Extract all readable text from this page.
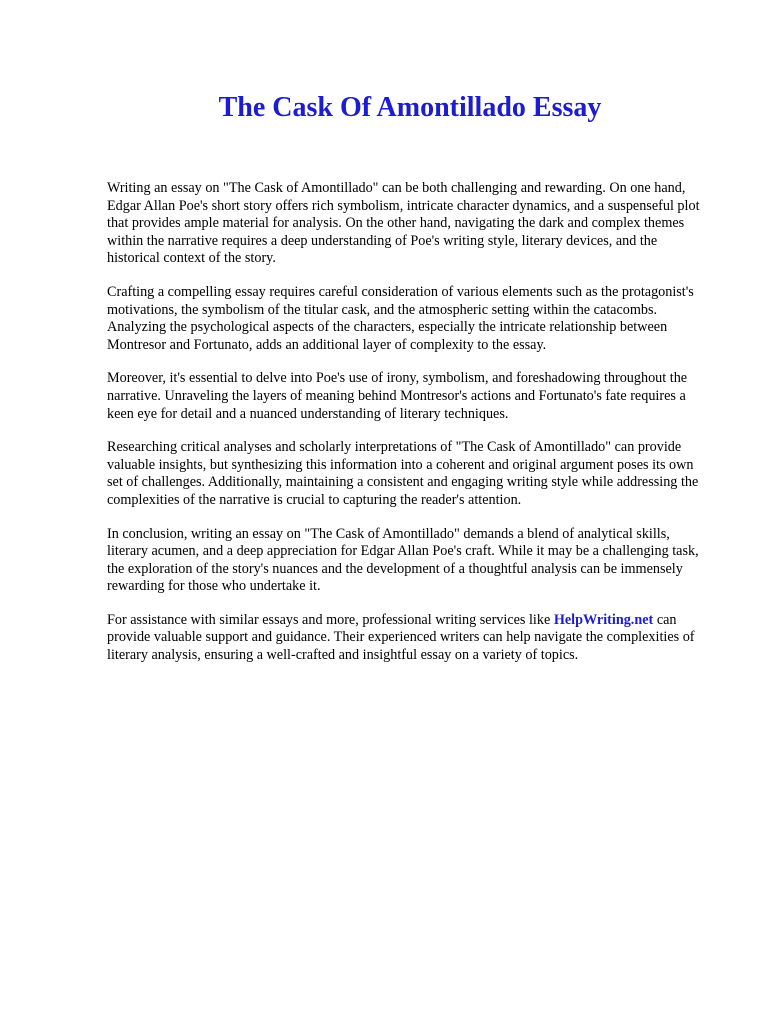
The Cask Of Amontillado Essay

Writing an essay on "The Cask of Amontillado" can be both challenging and rewarding. On one hand, Edgar Allan Poe's short story offers rich symbolism, intricate character dynamics, and a suspenseful plot that provides ample material for analysis. On the other hand, navigating the dark and complex themes within the narrative requires a deep understanding of Poe's writing style, literary devices, and the historical context of the story.

Crafting a compelling essay requires careful consideration of various elements such as the protagonist's motivations, the symbolism of the titular cask, and the atmospheric setting within the catacombs. Analyzing the psychological aspects of the characters, especially the intricate relationship between Montresor and Fortunato, adds an additional layer of complexity to the essay.

Moreover, it's essential to delve into Poe's use of irony, symbolism, and foreshadowing throughout the narrative. Unraveling the layers of meaning behind Montresor's actions and Fortunato's fate requires a keen eye for detail and a nuanced understanding of literary techniques.

Researching critical analyses and scholarly interpretations of "The Cask of Amontillado" can provide valuable insights, but synthesizing this information into a coherent and original argument poses its own set of challenges. Additionally, maintaining a consistent and engaging writing style while addressing the complexities of the narrative is crucial to capturing the reader's attention.

In conclusion, writing an essay on "The Cask of Amontillado" demands a blend of analytical skills, literary acumen, and a deep appreciation for Edgar Allan Poe's craft. While it may be a challenging task, the exploration of the story's nuances and the development of a thoughtful analysis can be immensely rewarding for those who undertake it.

For assistance with similar essays and more, professional writing services like HelpWriting.net can provide valuable support and guidance. Their experienced writers can help navigate the complexities of literary analysis, ensuring a well-crafted and insightful essay on a variety of topics.
